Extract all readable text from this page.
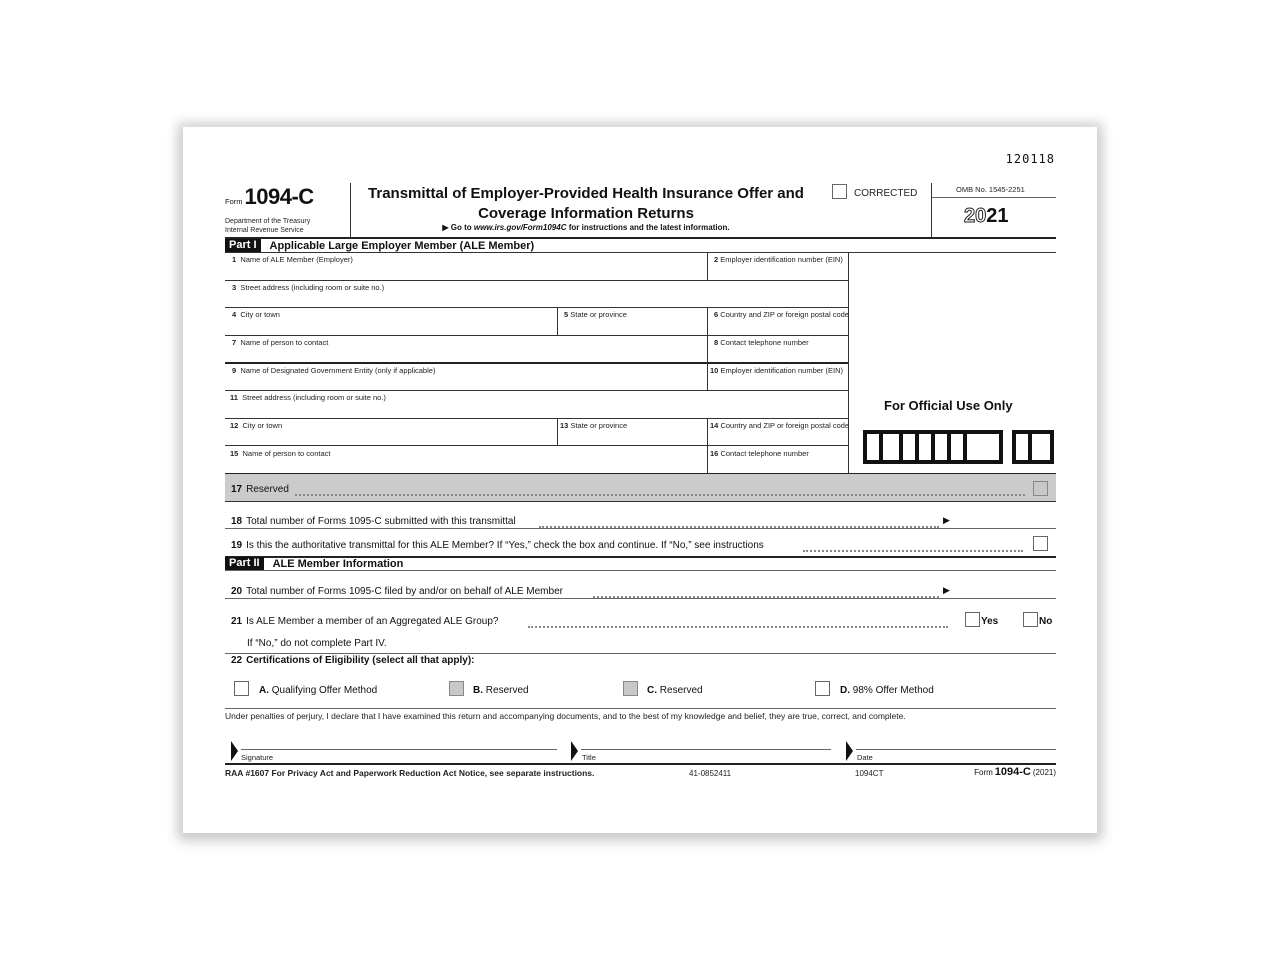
120118
Form 1094-C
Department of the Treasury
Internal Revenue Service
Transmittal of Employer-Provided Health Insurance Offer and
Coverage Information Returns
▶ Go to www.irs.gov/Form1094C for instructions and the latest information.
CORRECTED	OMB No. 1545-2251
2021
Part I	Applicable Large Employer Member (ALE Member)
1 Name of ALE Member (Employer)	2 Employer identification number (EIN)
3 Street address (including room or suite no.)
4 City or town	5 State or province	6 Country and ZIP or foreign postal code
7 Name of person to contact	8 Contact telephone number
9 Name of Designated Government Entity (only if applicable)	10 Employer identification number (EIN)
11 Street address (including room or suite no.)
12 City or town	13 State or province	14 Country and ZIP or foreign postal code
15 Name of person to contact	16 Contact telephone number
For Official Use Only
17 Reserved
18 Total number of Forms 1095-C submitted with this transmittal	▶
19 Is this the authoritative transmittal for this ALE Member? If “Yes,” check the box and continue. If “No,” see instructions
Part II	ALE Member Information
20 Total number of Forms 1095-C filed by and/or on behalf of ALE Member	▶
21 Is ALE Member a member of an Aggregated ALE Group?	Yes	No
If “No,” do not complete Part IV.
22 Certifications of Eligibility (select all that apply):
A. Qualifying Offer Method	B. Reserved	C. Reserved	D. 98% Offer Method
Under penalties of perjury, I declare that I have examined this return and accompanying documents, and to the best of my knowledge and belief, they are true, correct, and complete.
Signature	Title	Date
RAA #1607 For Privacy Act and Paperwork Reduction Act Notice, see separate instructions.	41-0852411	1094CT	Form 1094-C (2021)
